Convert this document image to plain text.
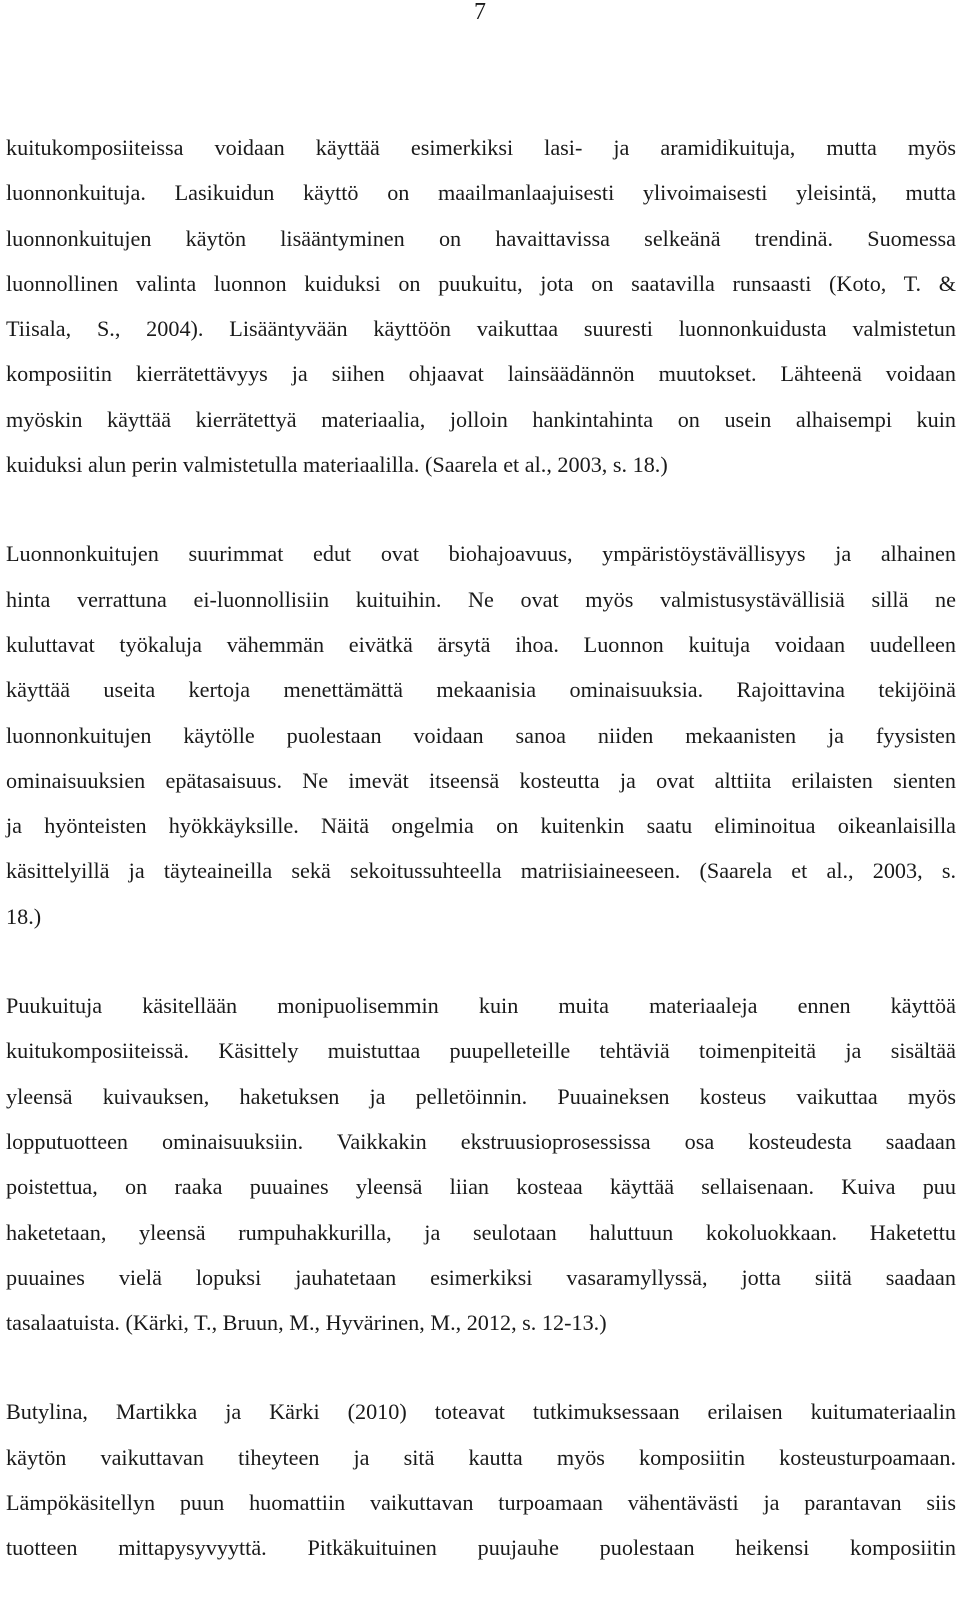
7
kuitukomposiiteissa voidaan käyttää esimerkiksi lasi- ja aramidikuituja, mutta myös
luonnonkuituja. Lasikuidun käyttö on maailmanlaajuisesti ylivoimaisesti yleisintä, mutta
luonnonkuitujen käytön lisääntyminen on havaittavissa selkeänä trendinä. Suomessa
luonnollinen valinta luonnon kuiduksi on puukuitu, jota on saatavilla runsaasti (Koto, T. &
Tiisala, S., 2004). Lisääntyvään käyttöön vaikuttaa suuresti luonnonkuidusta valmistetun
komposiitin kierrätettävyys ja siihen ohjaavat lainsäädännön muutokset. Lähteenä voidaan
myöskin käyttää kierrätettyä materiaalia, jolloin hankintahinta on usein alhaisempi kuin
kuiduksi alun perin valmistetulla materiaalilla. (Saarela et al., 2003, s. 18.)
Luonnonkuitujen suurimmat edut ovat biohajoavuus, ympäristöystävällisyys ja alhainen
hinta verrattuna ei-luonnollisiin kuituihin. Ne ovat myös valmistusystävällisiä sillä ne
kuluttavat työkaluja vähemmän eivätkä ärsytä ihoa. Luonnon kuituja voidaan uudelleen
käyttää useita kertoja menettämättä mekaanisia ominaisuuksia. Rajoittavina tekijöinä
luonnonkuitujen käytölle puolestaan voidaan sanoa niiden mekaanisten ja fyysisten
ominaisuuksien epätasaisuus. Ne imevät itseensä kosteutta ja ovat alttiita erilaisten sienten
ja hyönteisten hyökkäyksille. Näitä ongelmia on kuitenkin saatu eliminoitua oikeanlaisilla
käsittelyillä ja täyteaineilla sekä sekoitussuhteella matriisiaineeseen. (Saarela et al., 2003, s.
18.)
Puukuituja käsitellään monipuolisemmin kuin muita materiaaleja ennen käyttöä
kuitukomposiiteissä. Käsittely muistuttaa puupelleteille tehtäviä toimenpiteitä ja sisältää
yleensä kuivauksen, haketuksen ja pelletöinnin. Puuaineksen kosteus vaikuttaa myös
lopputuotteen ominaisuuksiin. Vaikkakin ekstruusioprosessissa osa kosteudesta saadaan
poistettua, on raaka puuaines yleensä liian kosteaa käyttää sellaisenaan. Kuiva puu
haketetaan, yleensä rumpuhakkurilla, ja seulotaan haluttuun kokoluokkaan. Haketettu
puuaines vielä lopuksi jauhatetaan esimerkiksi vasaramyllyssä, jotta siitä saadaan
tasalaatuista. (Kärki, T., Bruun, M., Hyvärinen, M., 2012, s. 12-13.)
Butylina, Martikka ja Kärki (2010) toteavat tutkimuksessaan erilaisen kuitumateriaalin
käytön vaikuttavan tiheyteen ja sitä kautta myös komposiitin kosteusturpoamaan.
Lämpökäsitellyn puun huomattiin vaikuttavan turpoamaan vähentävästi ja parantavan siis
tuotteen mittapysyvyyttä. Pitkäkuituinen puujauhe puolestaan heikensi komposiitin
